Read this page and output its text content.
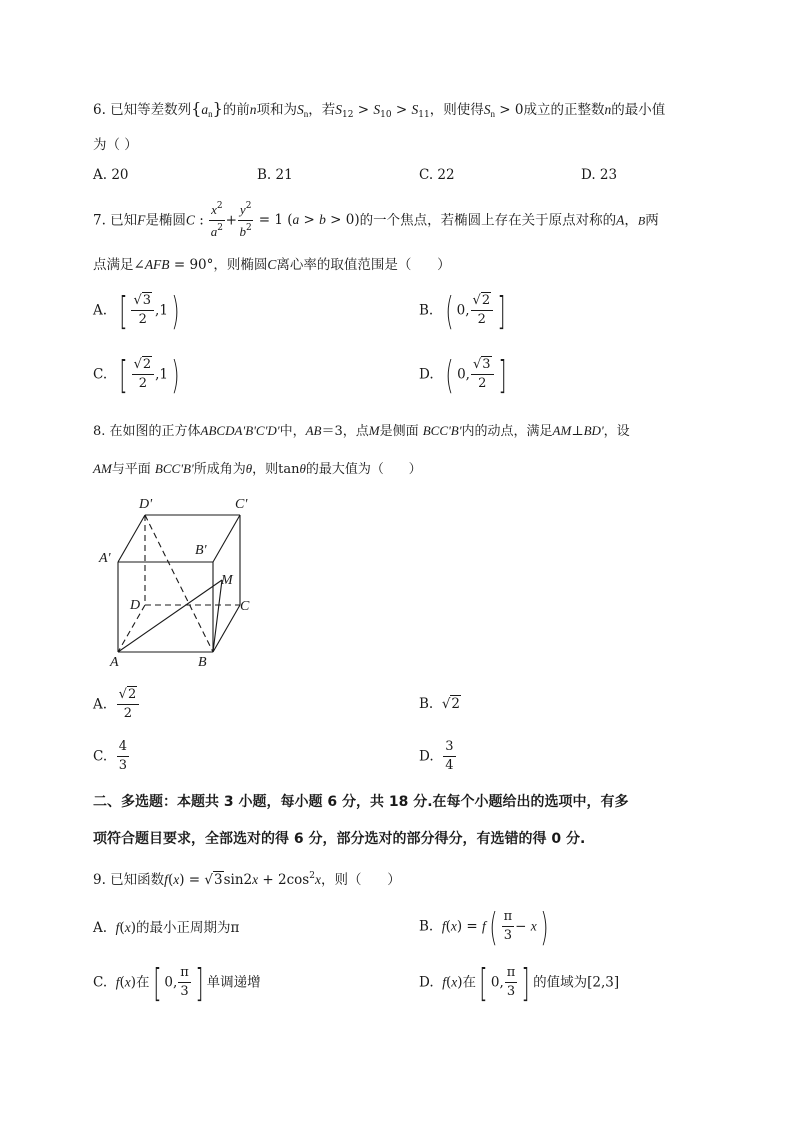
6. 已知等差数列$\{a_n\}$的前n项和为$S_n$，若$S_{12} > S_{10} > S_{11}$，则使得$S_n > 0$成立的正整数n的最小值
为（ ）
A. 20	B. 21	C. 22	D. 23
7. 已知F是椭圆C : $\frac{x^2}{a^2} + \frac{y^2}{b^2} = 1$ (a > b > 0)的一个焦点，若椭圆上存在关于原点对称的A，B两
点满足∠AFB = 90°，则椭圆C离心率的取值范围是（      ）
A. [ $\frac{√3}{2} ,1$)	B. ( 0, $\frac{√2}{2}$ ]
C. [ $\frac{√2}{2} ,1$)	D. ( 0, $\frac{√3}{2}$ ]
8. 在如图的正方体ABCDA'B'C'D'中，AB＝3，点M是侧面 BCC'B'内的动点，满足AM⊥BD'，设
AM与平面 BCC'B'所成角为θ，则tanθ的最大值为（      ）
D'	C'
A'
B'
M
D	C
A	B
A. $\frac{√2}{2}$	B. √2
C. $\frac{4}{3}$	D. $\frac{3}{4}$
二、多选题：本题共 3 小题，每小题 6 分，共 18 分.在每个小题给出的选项中，有多
项符合题目要求，全部选对的得 6 分，部分选对的部分得分，有选错的得 0 分.
9. 已知函数$f(x) = √3\sin 2x + 2\cos^2x$，则（      ）
A. f(x)的最小正周期为π	B. $f(x) = f( \frac{\pi}{3} - x)$
C. f(x)在[ 0, $\frac{\pi}{3}$ ] 单调递增	D. f(x)在[ 0, $\frac{\pi}{3}$ ] 的值域为[2,3]
